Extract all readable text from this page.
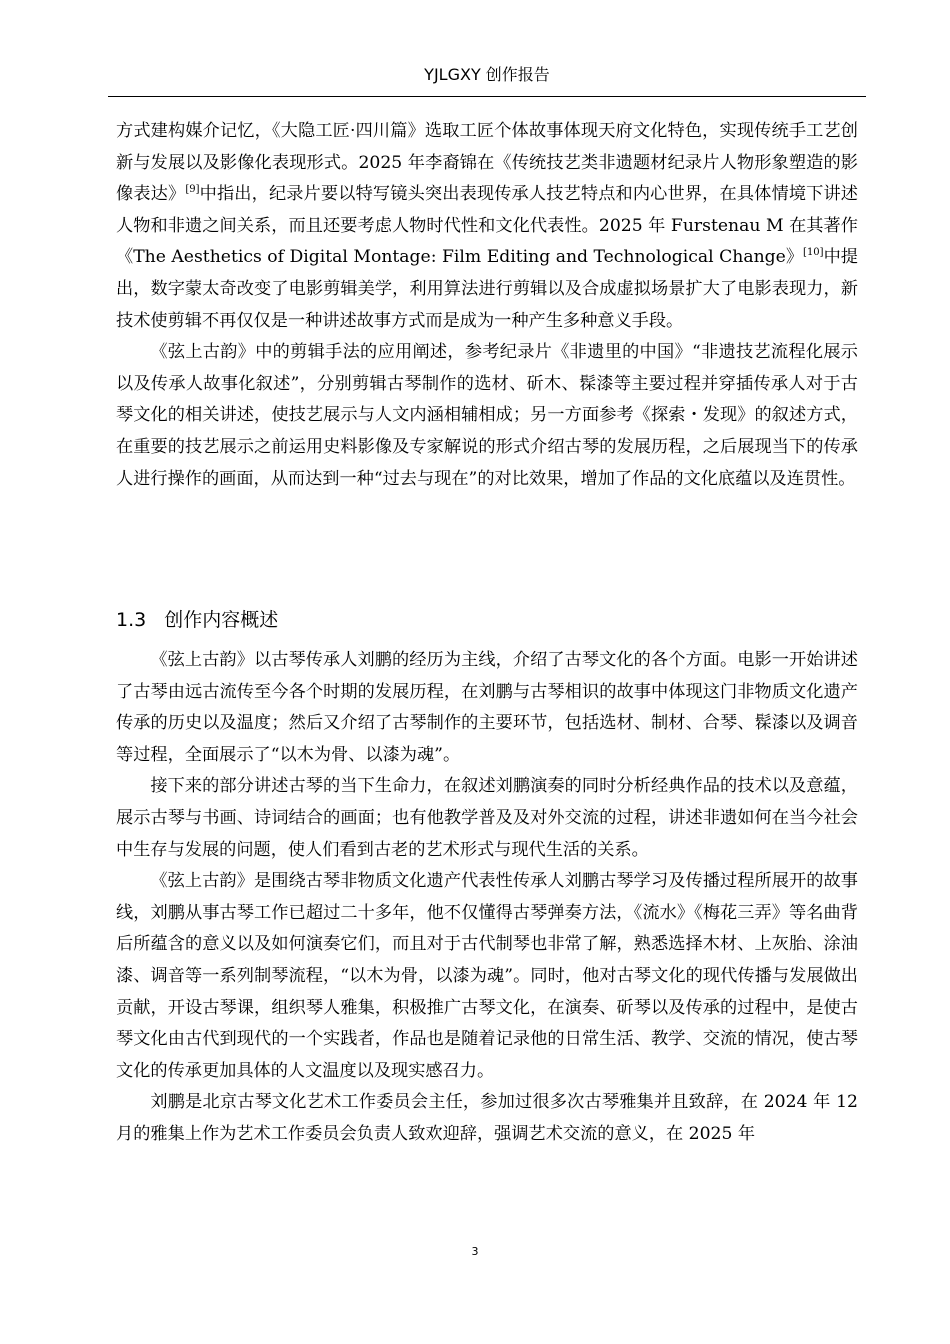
YJLGXY 创作报告

方式建构媒介记忆，《大隐工匠·四川篇》选取工匠个体故事体现天府文化特色，实现传统手工艺创新与发展以及影像化表现形式。2025 年李裔锦在《传统技艺类非遗题材纪录片人物形象塑造的影像表达》[9]中指出，纪录片要以特写镜头突出表现传承人技艺特点和内心世界，在具体情境下讲述人物和非遗之间关系，而且还要考虑人物时代性和文化代表性。2025 年 Furstenau M 在其著作《The Aesthetics of Digital Montage: Film Editing and Technological Change》[10]中提出，数字蒙太奇改变了电影剪辑美学，利用算法进行剪辑以及合成虚拟场景扩大了电影表现力，新技术使剪辑不再仅仅是一种讲述故事方式而是成为一种产生多种意义手段。

《弦上古韵》中的剪辑手法的应用阐述，参考纪录片《非遗里的中国》“非遗技艺流程化展示以及传承人故事化叙述”，分别剪辑古琴制作的选材、斫木、髹漆等主要过程并穿插传承人对于古琴文化的相关讲述，使技艺展示与人文内涵相辅相成；另一方面参考《探索・发现》的叙述方式，在重要的技艺展示之前运用史料影像及专家解说的形式介绍古琴的发展历程，之后展现当下的传承人进行操作的画面，从而达到一种“过去与现在”的对比效果，增加了作品的文化底蕴以及连贯性。

1.3 创作内容概述

《弦上古韵》以古琴传承人刘鹏的经历为主线，介绍了古琴文化的各个方面。电影一开始讲述了古琴由远古流传至今各个时期的发展历程，在刘鹏与古琴相识的故事中体现这门非物质文化遗产传承的历史以及温度；然后又介绍了古琴制作的主要环节，包括选材、制材、合琴、髹漆以及调音等过程，全面展示了“以木为骨、以漆为魂”。

接下来的部分讲述古琴的当下生命力，在叙述刘鹏演奏的同时分析经典作品的技术以及意蕴，展示古琴与书画、诗词结合的画面；也有他教学普及及对外交流的过程，讲述非遗如何在当今社会中生存与发展的问题，使人们看到古老的艺术形式与现代生活的关系。

《弦上古韵》是围绕古琴非物质文化遗产代表性传承人刘鹏古琴学习及传播过程所展开的故事线，刘鹏从事古琴工作已超过二十多年，他不仅懂得古琴弹奏方法，《流水》《梅花三弄》等名曲背后所蕴含的意义以及如何演奏它们，而且对于古代制琴也非常了解，熟悉选择木材、上灰胎、涂油漆、调音等一系列制琴流程，“以木为骨，以漆为魂”。同时，他对古琴文化的现代传播与发展做出贡献，开设古琴课，组织琴人雅集，积极推广古琴文化，在演奏、斫琴以及传承的过程中，是使古琴文化由古代到现代的一个实践者，作品也是随着记录他的日常生活、教学、交流的情况，使古琴文化的传承更加具体的人文温度以及现实感召力。

刘鹏是北京古琴文化艺术工作委员会主任，参加过很多次古琴雅集并且致辞，在 2024 年 12 月的雅集上作为艺术工作委员会负责人致欢迎辞，强调艺术交流的意义，在 2025 年

3
